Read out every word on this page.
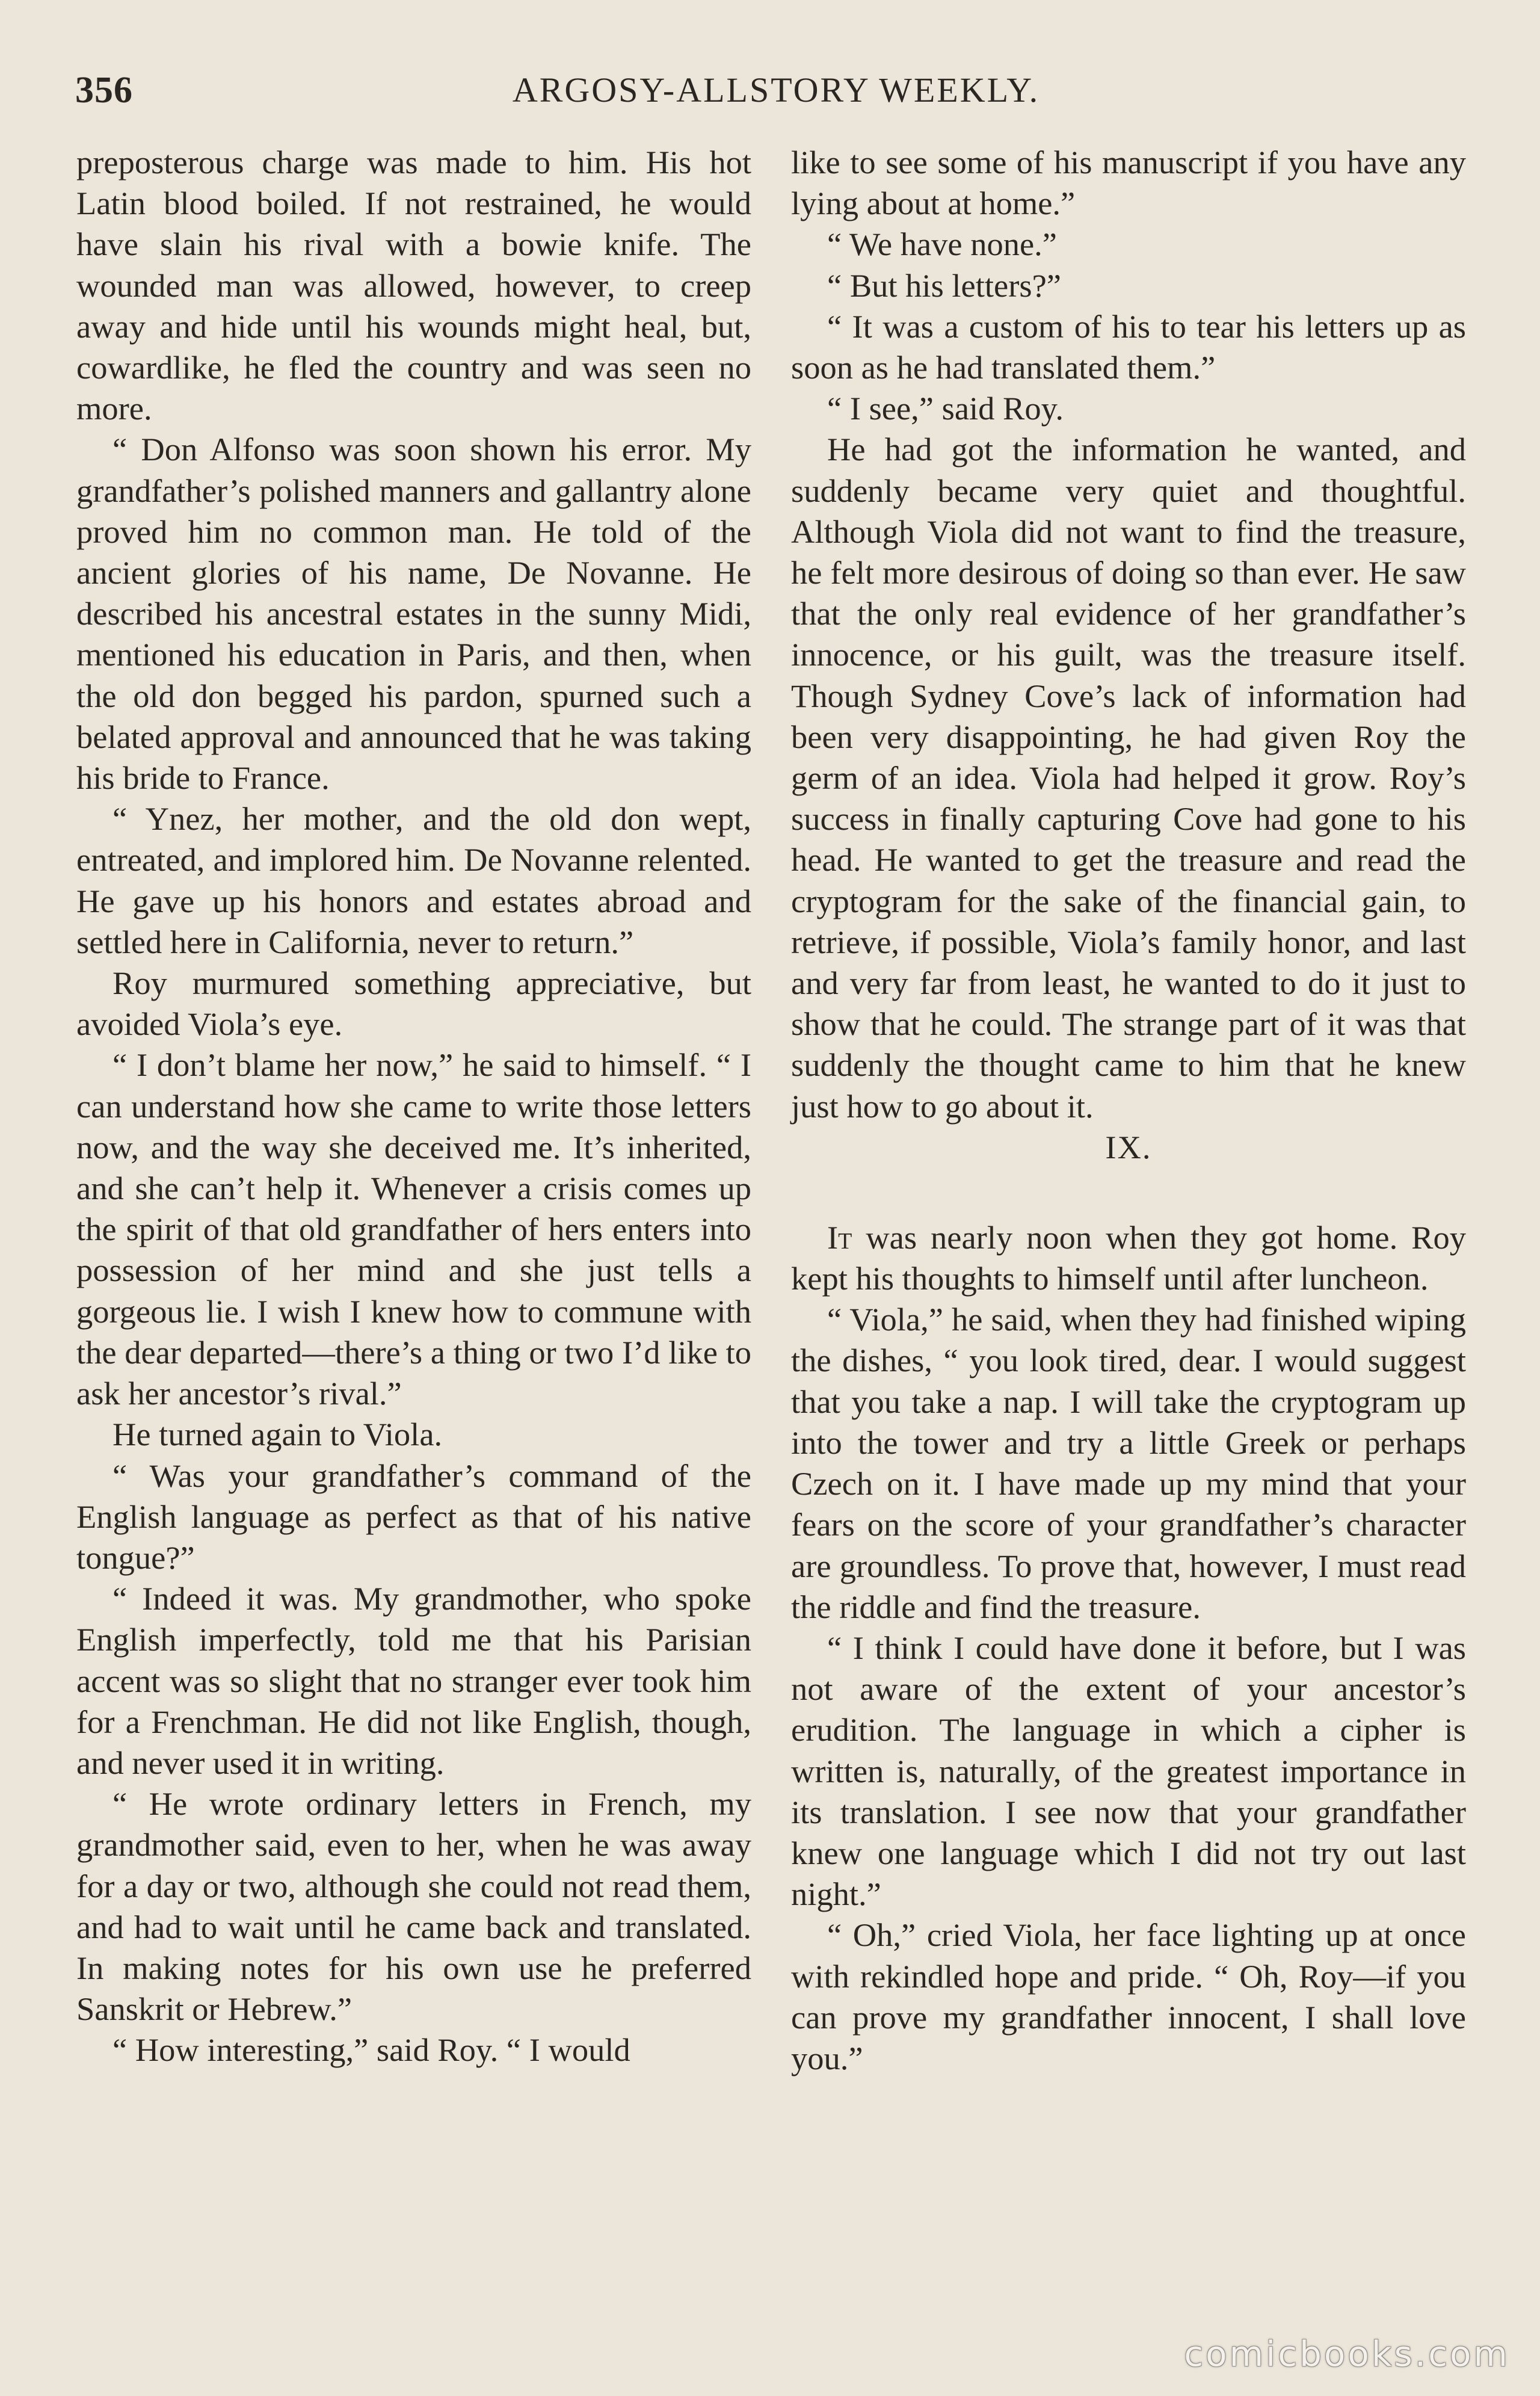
356	ARGOSY-ALLSTORY WEEKLY.

preposterous charge was made to him. His hot Latin blood boiled. If not restrained, he would have slain his rival with a bowie knife. The wounded man was allowed, however, to creep away and hide until his wounds might heal, but, cowardlike, he fled the country and was seen no more.

“ Don Alfonso was soon shown his error. My grandfather’s polished manners and gallantry alone proved him no common man. He told of the ancient glories of his name, De Novanne. He described his ancestral estates in the sunny Midi, mentioned his education in Paris, and then, when the old don begged his pardon, spurned such a belated approval and announced that he was taking his bride to France.

“ Ynez, her mother, and the old don wept, entreated, and implored him. De Novanne relented. He gave up his honors and estates abroad and settled here in California, never to return.”

Roy murmured something appreciative, but avoided Viola’s eye.

“ I don’t blame her now,” he said to himself. “ I can understand how she came to write those letters now, and the way she deceived me. It’s inherited, and she can’t help it. Whenever a crisis comes up the spirit of that old grandfather of hers enters into possession of her mind and she just tells a gorgeous lie. I wish I knew how to commune with the dear departed—there’s a thing or two I’d like to ask her ancestor’s rival.”

He turned again to Viola.

“ Was your grandfather’s command of the English language as perfect as that of his native tongue?”

“ Indeed it was. My grandmother, who spoke English imperfectly, told me that his Parisian accent was so slight that no stranger ever took him for a Frenchman. He did not like English, though, and never used it in writing.

“ He wrote ordinary letters in French, my grandmother said, even to her, when he was away for a day or two, although she could not read them, and had to wait until he came back and translated. In making notes for his own use he preferred Sanskrit or Hebrew.”

“ How interesting,” said Roy. “ I would

like to see some of his manuscript if you have any lying about at home.”

“ We have none.”

“ But his letters?”

“ It was a custom of his to tear his letters up as soon as he had translated them.”

“ I see,” said Roy.

He had got the information he wanted, and suddenly became very quiet and thoughtful. Although Viola did not want to find the treasure, he felt more desirous of doing so than ever. He saw that the only real evidence of her grandfather’s innocence, or his guilt, was the treasure itself. Though Sydney Cove’s lack of information had been very disappointing, he had given Roy the germ of an idea. Viola had helped it grow. Roy’s success in finally capturing Cove had gone to his head. He wanted to get the treasure and read the cryptogram for the sake of the financial gain, to retrieve, if possible, Viola’s family honor, and last and very far from least, he wanted to do it just to show that he could. The strange part of it was that suddenly the thought came to him that he knew just how to go about it.

IX.

It was nearly noon when they got home. Roy kept his thoughts to himself until after luncheon.

“ Viola,” he said, when they had finished wiping the dishes, “ you look tired, dear. I would suggest that you take a nap. I will take the cryptogram up into the tower and try a little Greek or perhaps Czech on it. I have made up my mind that your fears on the score of your grandfather’s character are groundless. To prove that, however, I must read the riddle and find the treasure.

“ I think I could have done it before, but I was not aware of the extent of your ancestor’s erudition. The language in which a cipher is written is, naturally, of the greatest importance in its translation. I see now that your grandfather knew one language which I did not try out last night.”

“ Oh,” cried Viola, her face lighting up at once with rekindled hope and pride. “ Oh, Roy—if you can prove my grandfather innocent, I shall love you.”

comicbooks.com
